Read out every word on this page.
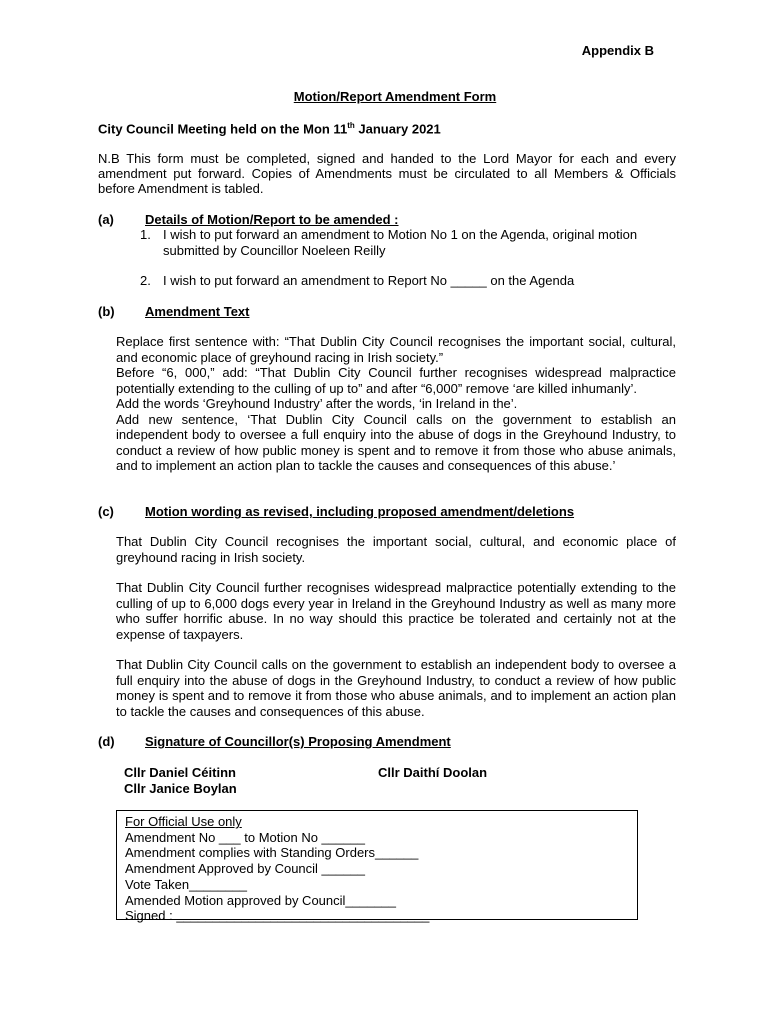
Appendix B
Motion/Report Amendment Form
City Council Meeting held on the Mon 11th January 2021
N.B This form must be completed, signed and handed to the Lord Mayor for each and every amendment put forward. Copies of Amendments must be circulated to all Members & Officials before Amendment is tabled.
(a) Details of Motion/Report to be amended :
1. I wish to put forward an amendment to Motion No 1 on the Agenda, original motion submitted by Councillor Noeleen Reilly
2. I wish to put forward an amendment to Report No _____ on the Agenda
(b) Amendment Text
Replace first sentence with: “That Dublin City Council recognises the important social, cultural, and economic place of greyhound racing in Irish society.”
Before “6, 000,” add: “That Dublin City Council further recognises widespread malpractice potentially extending to the culling of up to” and after “6,000” remove ‘are killed inhumanly’.
Add the words ‘Greyhound Industry’ after the words, ‘in Ireland in the’.
Add new sentence, ‘That Dublin City Council calls on the government to establish an independent body to oversee a full enquiry into the abuse of dogs in the Greyhound Industry, to conduct a review of how public money is spent and to remove it from those who abuse animals, and to implement an action plan to tackle the causes and consequences of this abuse.’
(c) Motion wording as revised, including proposed amendment/deletions
That Dublin City Council recognises the important social, cultural, and economic place of greyhound racing in Irish society.
That Dublin City Council further recognises widespread malpractice potentially extending to the culling of up to 6,000 dogs every year in Ireland in the Greyhound Industry as well as many more who suffer horrific abuse. In no way should this practice be tolerated and certainly not at the expense of taxpayers.
That Dublin City Council calls on the government to establish an independent body to oversee a full enquiry into the abuse of dogs in the Greyhound Industry, to conduct a review of how public money is spent and to remove it from those who abuse animals, and to implement an action plan to tackle the causes and consequences of this abuse.
(d) Signature of Councillor(s) Proposing Amendment
Cllr Daniel Céitinn
Cllr Janice Boylan
Cllr Daithí Doolan
For Official Use only
Amendment No ___ to Motion No ______
Amendment complies with Standing Orders______
Amendment Approved by Council ______
Vote Taken________
Amended Motion approved by Council_______
Signed : ___________________________________
